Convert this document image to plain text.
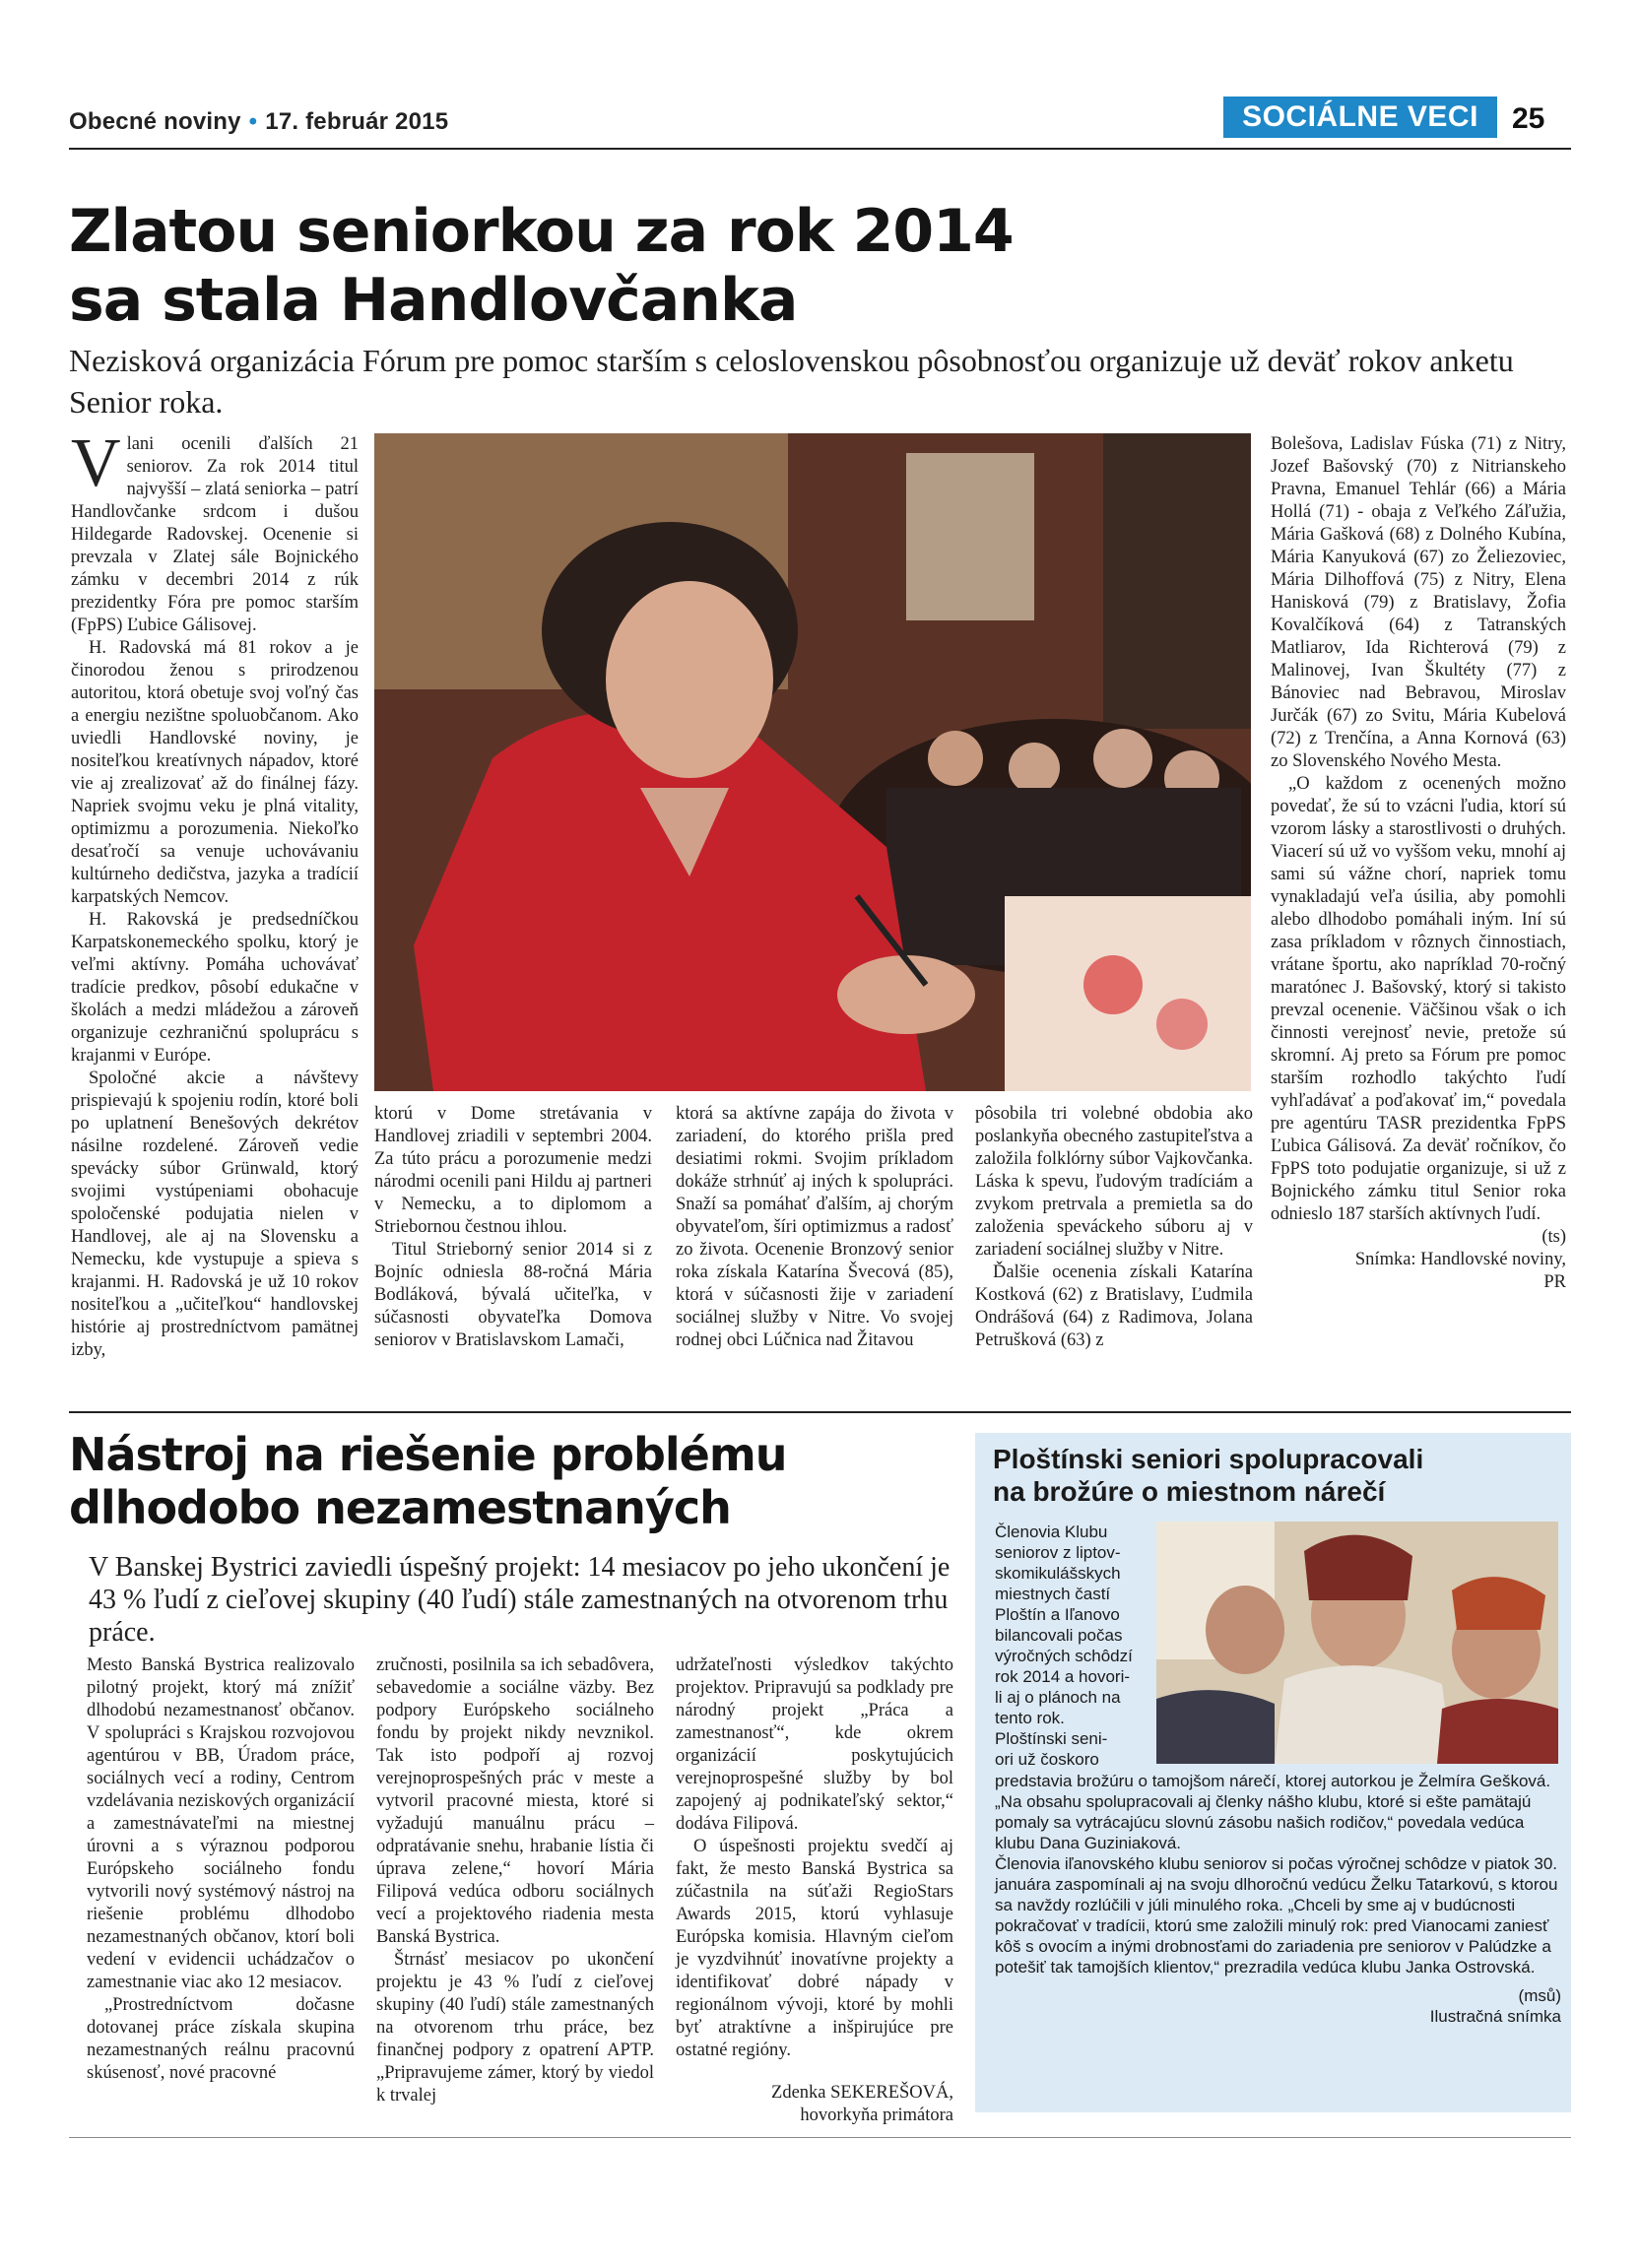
Obecné noviny • 17. február 2015	SOCIÁLNE VECI	25
Zlatou seniorkou za rok 2014
sa stala Handlovčanka
Nezisková organizácia Fórum pre pomoc starším s celoslovenskou pôsobnosťou organizuje už deväť rokov anketu Senior roka.

Vlani ocenili ďalších 21 seniorov. Za rok 2014 titul najvyšší – zlatá seniorka – patrí Handlovčanke srdcom i dušou Hildegarde Radovskej. Ocenenie si prevzala v Zlatej sále Bojnického zámku v decembri 2014 z rúk prezidentky Fóra pre pomoc starším (FpPS) Ľubice Gálisovej.

H. Radovská má 81 rokov a je činorodou ženou s prirodzenou autoritou, ktorá obetuje svoj voľný čas a energiu nezištne spoluobčanom. Ako uviedli Handlovské noviny, je nositeľkou kreatívnych nápadov, ktoré vie aj zrealizovať až do finálnej fázy. Napriek svojmu veku je plná vitality, optimizmu a porozumenia. Niekoľko desaťročí sa venuje uchovávaniu kultúrneho dedičstva, jazyka a tradícií karpatských Nemcov.

H. Rakovská je predsedníčkou Karpatskonemeckého spolku, ktorý je veľmi aktívny. Pomáha uchovávať tradície predkov, pôsobí edukačne v školách a medzi mládežou a zároveň organizuje cezhraničnú spoluprácu s krajanmi v Európe.

Spoločné akcie a návštevy prispievajú k spojeniu rodín, ktoré boli po uplatnení Benešových dekrétov násilne rozdelené. Zároveň vedie spevácky súbor Grünwald, ktorý svojimi vystúpeniami obohacuje spoločenské podujatia nielen v Handlovej, ale aj na Slovensku a Nemecku, kde vystupuje a spieva s krajanmi. H. Radovská je už 10 rokov nositeľkou a „učiteľkou“ handlovskej histórie aj prostredníctvom pamätnej izby,

ktorú v Dome stretávania v Handlovej zriadili v septembri 2004. Za túto prácu a porozumenie medzi národmi ocenili pani Hildu aj partneri v Nemecku, a to diplomom a Striebornou čestnou ihlou.

Titul Strieborný senior 2014 si z Bojníc odniesla 88-ročná Mária Bodláková, bývalá učiteľka, v súčasnosti obyvateľka Domova seniorov v Bratislavskom Lamači,

ktorá sa aktívne zapája do života v zariadení, do ktorého prišla pred desiatimi rokmi. Svojim príkladom dokáže strhnúť aj iných k spolupráci. Snaží sa pomáhať ďalším, aj chorým obyvateľom, šíri optimizmus a radosť zo života. Ocenenie Bronzový senior roka získala Katarína Švecová (85), ktorá v súčasnosti žije v zariadení sociálnej služby v Nitre. Vo svojej rodnej obci Lúčnica nad Žitavou

pôsobila tri volebné obdobia ako poslankyňa obecného zastupiteľstva a založila folklórny súbor Vajkovčanka. Láska k spevu, ľudovým tradíciám a zvykom pretrvala a premietla sa do založenia speváckeho súboru aj v zariadení sociálnej služby v Nitre.

Ďalšie ocenenia získali Katarína Kostková (62) z Bratislavy, Ľudmila Ondrášová (64) z Radimova, Jolana Petrušková (63) z

Bolešova, Ladislav Fúska (71) z Nitry, Jozef Bašovský (70) z Nitrianskeho Pravna, Emanuel Tehlár (66) a Mária Hollá (71) - obaja z Veľkého Záľužia, Mária Gašková (68) z Dolného Kubína, Mária Kanyuková (67) zo Želiezoviec, Mária Dilhoffová (75) z Nitry, Elena Hanisková (79) z Bratislavy, Žofia Kovalčíková (64) z Tatranských Matliarov, Ida Richterová (79) z Malinovej, Ivan Škultéty (77) z Bánoviec nad Bebravou, Miroslav Jurčák (67) zo Svitu, Mária Kubelová (72) z Trenčína, a Anna Kornová (63) zo Slovenského Nového Mesta.

„O každom z ocenených možno povedať, že sú to vzácni ľudia, ktorí sú vzorom lásky a starostlivosti o druhých. Viacerí sú už vo vyššom veku, mnohí aj sami sú vážne chorí, napriek tomu vynakladajú veľa úsilia, aby pomohli alebo dlhodobo pomáhali iným. Iní sú zasa príkladom v rôznych činnostiach, vrátane športu, ako napríklad 70-ročný maratónec J. Bašovský, ktorý si takisto prevzal ocenenie. Väčšinou však o ich činnosti verejnosť nevie, pretože sú skromní. Aj preto sa Fórum pre pomoc starším rozhodlo takýchto ľudí vyhľadávať a poďakovať im,“ povedala pre agentúru TASR prezidentka FpPS Ľubica Gálisová. Za deväť ročníkov, čo FpPS toto podujatie organizuje, si už z Bojnického zámku titul Senior roka odnieslo 187 starších aktívnych ľudí.

(ts)
Snímka: Handlovské noviny,
PR
Nástroj na riešenie problému
dlhodobo nezamestnaných
V Banskej Bystrici zaviedli úspešný projekt: 14 mesiacov po jeho ukončení je 43 % ľudí z cieľovej skupiny (40 ľudí) stále zamestnaných na otvorenom trhu práce.

Mesto Banská Bystrica realizovalo pilotný projekt, ktorý má znížiť dlhodobú nezamestnanosť občanov. V spolupráci s Krajskou rozvojovou agentúrou v BB, Úradom práce, sociálnych vecí a rodiny, Centrom vzdelávania neziskových organizácií a zamestnávateľmi na miestnej úrovni a s výraznou podporou Európskeho sociálneho fondu vytvorili nový systémový nástroj na riešenie problému dlhodobo nezamestnaných občanov, ktorí boli vedení v evidencii uchádzačov o zamestnanie viac ako 12 mesiacov.

„Prostredníctvom dočasne dotovanej práce získala skupina nezamestnaných reálnu pracovnú skúsenosť, nové pracovné

zručnosti, posilnila sa ich sebadôvera, sebavedomie a sociálne väzby. Bez podpory Európskeho sociálneho fondu by projekt nikdy nevznikol. Tak isto podpoří aj rozvoj verejnoprospešných prác v meste a vytvoril pracovné miesta, ktoré si vyžadujú manuálnu prácu – odpratávanie snehu, hrabanie lístia či úprava zelene,“ hovorí Mária Filipová vedúca odboru sociálnych vecí a projektového riadenia mesta Banská Bystrica.

Štrnásť mesiacov po ukončení projektu je 43 % ľudí z cieľovej skupiny (40 ľudí) stále zamestnaných na otvorenom trhu práce, bez finančnej podpory z opatrení APTP. „Pripravujeme zámer, ktorý by viedol k trvalej

udržateľnosti výsledkov takýchto projektov. Pripravujú sa podklady pre národný projekt „Práca a zamestnanosť“, kde okrem organizácií poskytujúcich verejnoprospešné služby by bol zapojený aj podnikateľský sektor,“ dodáva Filipová.

O úspešnosti projektu svedčí aj fakt, že mesto Banská Bystrica sa zúčastnila na súťaži RegioStars Awards 2015, ktorú vyhlasuje Európska komisia. Hlavným cieľom je vyzdvihnúť inovatívne projekty a identifikovať dobré nápady v regionálnom vývoji, ktoré by mohli byť atraktívne a inšpirujúce pre ostatné regióny.

Zdenka SEKEREŠOVÁ,
hovorkyňa primátora
Ploštínski seniori spolupracovali
na brožúre o miestnom nárečí
Členovia Klubu
seniorov z liptov-
skomikulášskych
miestnych častí
Ploštín a Iľanovo
bilancovali počas
výročných schôdzí
rok 2014 a hovori-
li aj o plánoch na
tento rok.
Ploštínski seni-
ori už čoskoro
predstavia brožúru o tamojšom nárečí, ktorej autorkou je Želmíra Gešková. „Na obsahu spolupracovali aj členky nášho klubu, ktoré si ešte pamätajú pomaly sa vytrácajúcu slovnú zásobu našich rodičov,“ povedala vedúca klubu Dana Guziniaková.
Členovia iľanovského klubu seniorov si počas výročnej schôdze v piatok 30. januára zaspomínali aj na svoju dlhoročnú vedúcu Želku Tatarkovú, s ktorou sa navždy rozlúčili v júli minulého roka. „Chceli by sme aj v budúcnosti pokračovať v tradícii, ktorú sme založili minulý rok: pred Vianocami zaniesť kôš s ovocím a inými drobnosťami do zariadenia pre seniorov v Palúdzke a potešiť tak tamojších klientov,“ prezradila vedúca klubu Janka Ostrovská.
(msů)
Ilustračná snímka
